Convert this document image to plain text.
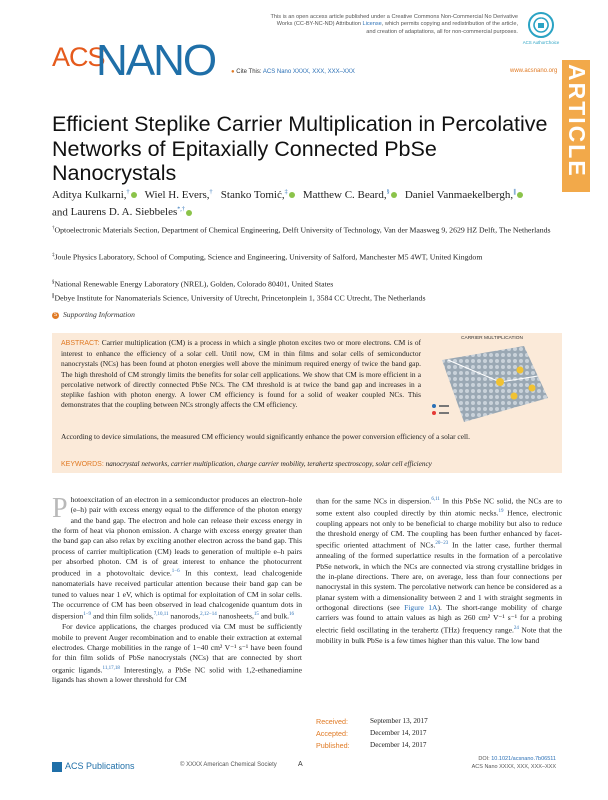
This is an open access article published under a Creative Commons Non-Commercial No Derivative Works (CC-BY-NC-ND) Attribution License, which permits copying and redistribution of the article, and creation of adaptations, all for non-commercial purposes.
ACS AuthorChoice
ACS
NANO	● Cite This: ACS Nano XXXX, XXX, XXX–XXX	www.acsnano.org ARTICLE
Efficient Steplike Carrier Multiplication in Percolative Networks of Epitaxially Connected PbSe Nanocrystals
Aditya Kulkarni,† Wiel H. Evers,† Stanko Tomić,‡ Matthew C. Beard,§ Daniel Vanmaekelbergh,∥
and Laurens D. A. Siebbeles*,†
†Optoelectronic Materials Section, Department of Chemical Engineering, Delft University of Technology, Van der Maasweg 9, 2629 HZ Delft, The Netherlands
‡Joule Physics Laboratory, School of Computing, Science and Engineering, University of Salford, Manchester M5 4WT, United Kingdom
§National Renewable Energy Laboratory (NREL), Golden, Colorado 80401, United States
∥Debye Institute for Nanomaterials Science, University of Utrecht, Princetonplein 1, 3584 CC Utrecht, The Netherlands
S Supporting Information
ABSTRACT: Carrier multiplication (CM) is a process in which a single photon excites two or more electrons. CM is of interest to enhance the efficiency of a solar cell. Until now, CM in thin films and solar cells of semiconductor nanocrystals (NCs) has been found at photon energies well above the minimum required energy of twice the band gap. The high threshold of CM strongly limits the benefits for solar cell applications. We show that CM is more efficient in a percolative network of directly connected PbSe NCs. The CM threshold is at twice the band gap and increases in a steplike fashion with photon energy. A lower CM efficiency is found for a solid of weaker coupled NCs. This demonstrates that the coupling between NCs strongly affects the CM efficiency.
According to device simulations, the measured CM efficiency would significantly enhance the power conversion efficiency of a solar cell.
CARRIER MULTIPLICATION
KEYWORDS: nanocrystal networks, carrier multiplication, charge carrier mobility, terahertz spectroscopy, solar cell efficiency

Photoexcitation of an electron in a semiconductor produces an electron–hole (e–h) pair with excess energy equal to the difference of the photon energy and the band gap. The electron and hole can release their excess energy in the form of heat via phonon emission. A charge with excess energy greater than the band gap can also relax by exciting another electron across the band gap. This process of carrier multiplication (CM) leads to generation of multiple e–h pairs per absorbed photon. CM is of great interest to enhance the photocurrent produced in a photovoltaic device.$^{1-6}$ In this context, lead chalcogenide nanomaterials have received particular attention because their band gap can be tuned to values near 1 eV, which is optimal for exploitation of CM in solar cells. The occurrence of CM has been observed in lead chalcogenide quantum dots in dispersion$^{1-9}$ and thin film solids,$^{7,10,11}$ nanorods,$^{2,12-14}$ nanosheets,$^{15}$ and bulk.$^{16}$

For device applications, the charges produced via CM must be sufficiently mobile to prevent Auger recombination and to enable their extraction at external electrodes. Charge mobilities in the range of 1−40 cm² V⁻¹ s⁻¹ have been found for thin film solids of PbSe nanocrystals (NCs) that are connected by short organic ligands.$^{11,17,18}$ Interestingly, a PbSe NC solid with 1,2-ethanediamine ligands has shown a lower threshold for CM

than for the same NCs in dispersion.$^{6,11}$ In this PbSe NC solid, the NCs are to some extent also coupled directly by thin atomic necks.$^{19}$ Hence, electronic coupling appears not only to be beneficial to charge mobility but also to reduce the threshold energy of CM. The coupling has been further enhanced by facet-specific oriented attachment of NCs.$^{20-23}$ In the latter case, further thermal annealing of the formed superlattice results in the formation of a percolative PbSe network, in which the NCs are connected via strong crystalline bridges in the in-plane directions. There are, on average, less than four connections per nanocrystal in this system. The percolative network can hence be considered as a planar system with a dimensionality between 2 and 1 with straight segments in orthogonal directions (see Figure 1A). The short-range mobility of charge carriers was found to attain values as high as 260 cm² V⁻¹ s⁻¹ for a probing electric field oscillating in the terahertz (THz) frequency range.$^{24}$ Note that the mobility in bulk PbSe is a few times higher than this value. The low band

Received:	September 13, 2017
Accepted:	December 14, 2017
Published:	December 14, 2017
ACS Publications	© XXXX American Chemical Society	A
DOI: 10.1021/acsnano.7b06511
ACS Nano XXXX, XXX, XXX–XXX
